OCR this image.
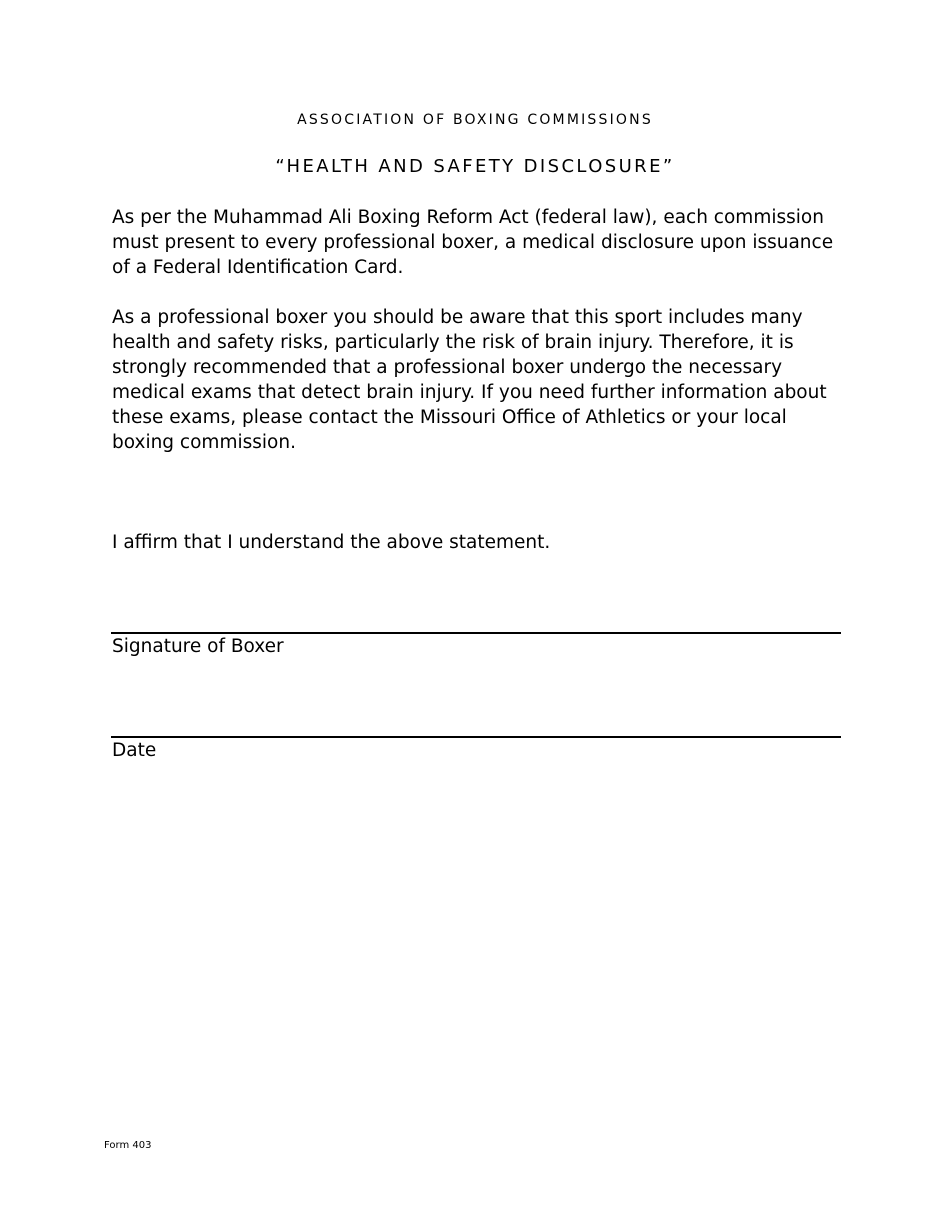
ASSOCIATION OF BOXING COMMISSIONS
“HEALTH AND SAFETY DISCLOSURE”

As per the Muhammad Ali Boxing Reform Act (federal law), each commission must present to every professional boxer, a medical disclosure upon issuance of a Federal Identification Card.

As a professional boxer you should be aware that this sport includes many health and safety risks, particularly the risk of brain injury. Therefore, it is strongly recommended that a professional boxer undergo the necessary medical exams that detect brain injury. If you need further information about these exams, please contact the Missouri Office of Athletics or your local boxing commission.

I affirm that I understand the above statement.
Signature of Boxer
Date
Form 403
